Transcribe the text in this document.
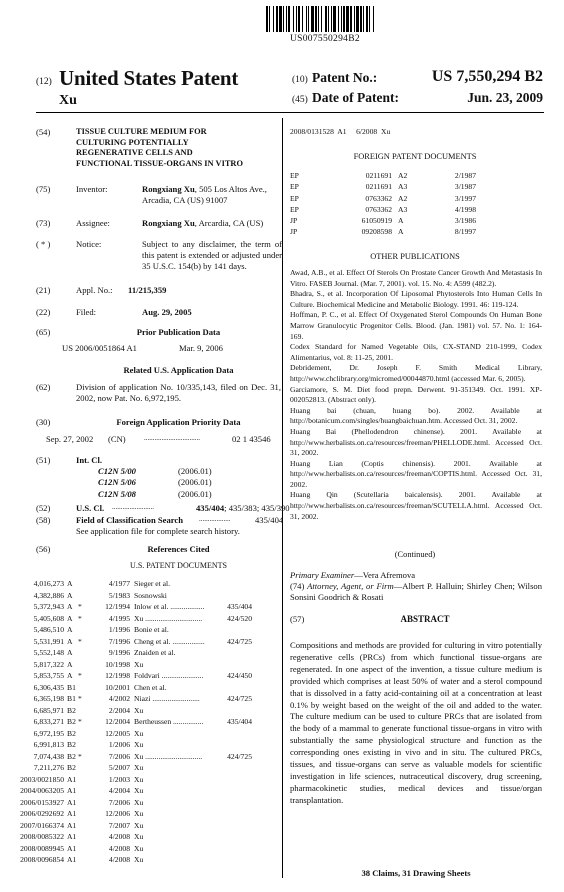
US007550294B2
(12) United States Patent
Xu
(10) Patent No.:	US 7,550,294 B2
(45) Date of Patent:	Jun. 23, 2009
(54)	TISSUE CULTURE MEDIUM FOR CULTURING POTENTIALLY REGENERATIVE CELLS AND FUNCTIONAL TISSUE-ORGANS IN VITRO
(75)	Inventor:	Rongxiang Xu, 505 Los Altos Ave., Arcadia, CA (US) 91007
(73)	Assignee:	Rongxiang Xu, Arcardia, CA (US)
( * )	Notice:	Subject to any disclaimer, the term of this patent is extended or adjusted under 35 U.S.C. 154(b) by 141 days.
(21)	Appl. No.: 11/215,359
(22)	Filed:	Aug. 29, 2005
(65)	Prior Publication Data
US 2006/0051864 A1	Mar. 9, 2006
Related U.S. Application Data
(62)	Division of application No. 10/335,143, filed on Dec. 31, 2002, now Pat. No. 6,972,195.
(30)	Foreign Application Priority Data
Sep. 27, 2002 (CN)	................................	02 1 43546
(51)	Int. Cl.
C12N 5/00	(2006.01)
C12N 5/06	(2006.01)
C12N 5/08	(2006.01)
(52)	U.S. Cl. ........................	435/404; 435/383; 435/390
(58)	Field of Classification Search ..................	435/404
See application file for complete search history.
(56)	References Cited
U.S. PATENT DOCUMENTS
4,016,273 A	4/1977 Sieger et al.
4,382,886 A	5/1983 Sosnowski
5,372,943 A *	12/1994 Inlow et al. ..................	435/404
5,405,608 A *	4/1995 Xu ..............................	424/520
5,486,510 A	1/1996 Bonie et al.
5,531,991 A *	7/1996 Cheng et al. .................	424/725
5,552,148 A	9/1996 Znaiden et al.
5,817,322 A	10/1998 Xu
5,853,755 A *	12/1998 Foldvari ......................	424/450
6,306,435 B1	10/2001 Chen et al.
6,365,198 B1 *	4/2002 Niazi .........................	424/725
6,685,971 B2	2/2004 Xu
6,833,271 B2 *	12/2004 Bertheussen ................	435/404
6,972,195 B2	12/2005 Xu
6,991,813 B2	1/2006 Xu
7,074,438 B2 *	7/2006 Xu ..............................	424/725
7,211,276 B2	5/2007 Xu
2003/0021850 A1	1/2003 Xu
2004/0063205 A1	4/2004 Xu
2006/0153927 A1	7/2006 Xu
2006/0292692 A1	12/2006 Xu
2007/0166374 A1	7/2007 Xu
2008/0085322 A1	4/2008 Xu
2008/0089945 A1	4/2008 Xu
2008/0096854 A1	4/2008 Xu
2008/0131528 A1 6/2008 Xu
FOREIGN PATENT DOCUMENTS
EP	0211691 A2	2/1987
EP	0211691 A3	3/1987
EP	0763362 A2	3/1997
EP	0763362 A3	4/1998
JP	61050919 A	3/1986
JP	09208598 A	8/1997
OTHER PUBLICATIONS
Awad, A.B., et al. Effect Of Sterols On Prostate Cancer Growth And Metastasis In Vitro. FASEB Journal. (Mar. 7, 2001). vol. 15. No. 4: A599 (482.2).
Bhadra, S., et al. Incorporation Of Liposomal Phytosterols Into Human Cells In Culture. Biochemical Medicine and Metabolic Biology. 1991. 46: 119-124.
Hoffman, P. C., et al. Effect Of Oxygenated Sterol Compounds On Human Bone Marrow Granulocytic Progenitor Cells. Blood. (Jan. 1981) vol. 57. No. 1: 164-169.
Codex Standard for Named Vegetable Oils, CX-STAND 210-1999, Codex Alimentarius, vol. 8: 11-25, 2001.
Debridement, Dr. Joseph F. Smith Medical Library, http://www.chclibrary.org/micromed/00044870.html (accessed Mar. 6, 2005).
Garciamore, S. M. Diet food prepn. Derwent. 91-351349. Oct. 1991. XP-002052813. (Abstract only).
Huang bai (chuan, huang bo). 2002. Available at http://botanicum.com/singles/huangbaichuan.htm. Accessed Oct. 31, 2002.
Huang Bai (Phellodendron chinense). 2001. Available at http://www.herbalists.on.ca/resources/freeman/PHELLODE.html. Accessed Oct. 31, 2002.
Huang Lian (Coptis chinensis). 2001. Available at http://www.herbalists.on.ca/resources/freeman/COPTIS.html. Accessed Oct. 31, 2002.
Huang Qin (Scutellaria baicalensis). 2001. Available at http://www.herbalists.on.ca/resources/freeman/SCUTELLA.html. Accessed Oct. 31, 2002.
(Continued)
Primary Examiner—Vera Afremova
(74) Attorney, Agent, or Firm—Albert P. Halluin; Shirley Chen; Wilson Sonsini Goodrich & Rosati
(57)	ABSTRACT
Compositions and methods are provided for culturing in vitro potentially regenerative cells (PRCs) from which functional tissue-organs are regenerated. In one aspect of the invention, a tissue culture medium is provided which comprises at least 50% of water and a sterol compound that is dissolved in a fatty acid-containing oil at a concentration at least 0.1% by weight based on the weight of the oil and added to the water. The culture medium can be used to culture PRCs that are isolated from the body of a mammal to generate functional tissue-organs in vitro with substantially the same physiological structure and function as the corresponding ones existing in vivo and in situ. The cultured PRCs, tissues, and tissue-organs can serve as valuable models for scientific investigation in life sciences, nutraceutical discovery, drug screening, pharmacokinetic studies, medical devices and tissue/organ transplantation.
38 Claims, 31 Drawing Sheets
